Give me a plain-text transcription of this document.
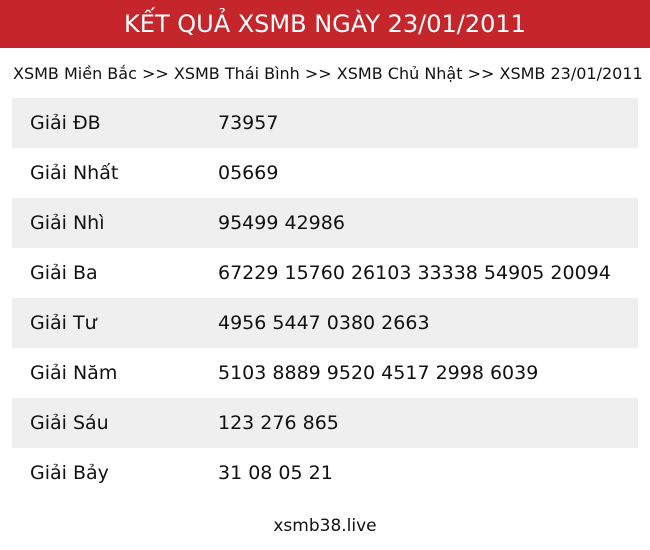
KẾT QUẢ XSMB NGÀY 23/01/2011
XSMB Miền Bắc >> XSMB Thái Bình >> XSMB Chủ Nhật >> XSMB 23/01/2011
Giải ĐB	73957
Giải Nhất	05669
Giải Nhì	95499 42986
Giải Ba	67229 15760 26103 33338 54905 20094
Giải Tư	4956 5447 0380 2663
Giải Năm	5103 8889 9520 4517 2998 6039
Giải Sáu	123 276 865
Giải Bảy	31 08 05 21
xsmb38.live
